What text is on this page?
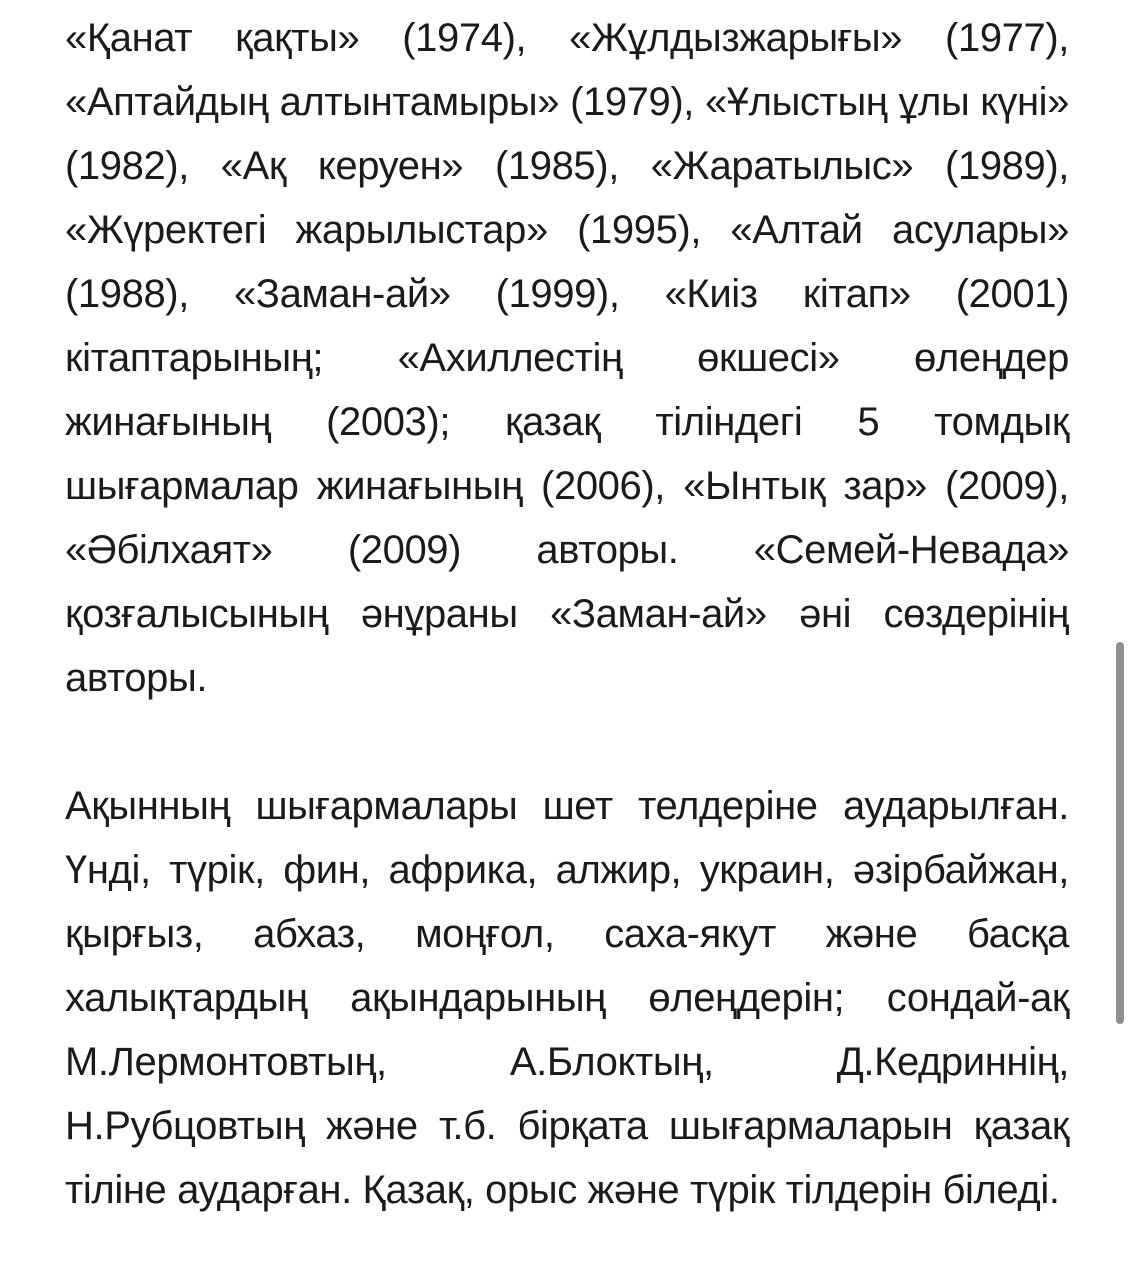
«Қанат қақты» (1974), «Жұлдызжарығы» (1977), «Аптайдың алтынтамыры» (1979), «Ұлыстың ұлы күні» (1982), «Ақ керуен» (1985), «Жаратылыс» (1989), «Жүректегі жарылыстар» (1995), «Алтай асулары» (1988), «Заман-ай» (1999), «Киіз кітап» (2001) кітаптарының; «Ахиллестің өкшесі» өлеңдер жинағының (2003); қазақ тіліндегі 5 томдық шығармалар жинағының (2006), «Ынтық зар» (2009), «Әбілхаят» (2009) авторы. «Семей-Невада» қозғалысының әнұраны «Заман-ай» әні сөздерінің авторы.

Ақынның шығармалары шет телдеріне аударылған. Үнді, түрік, фин, африка, алжир, украин, әзірбайжан, қырғыз, абхаз, моңғол, саха-якут және басқа халықтардың ақындарының өлеңдерін; сондай-ақ М.Лермонтовтың, А.Блоктың, Д.Кедриннің, Н.Рубцовтың және т.б. бірқата шығармаларын қазақ тіліне аударған. Қазақ, орыс және түрік тілдерін біледі.
